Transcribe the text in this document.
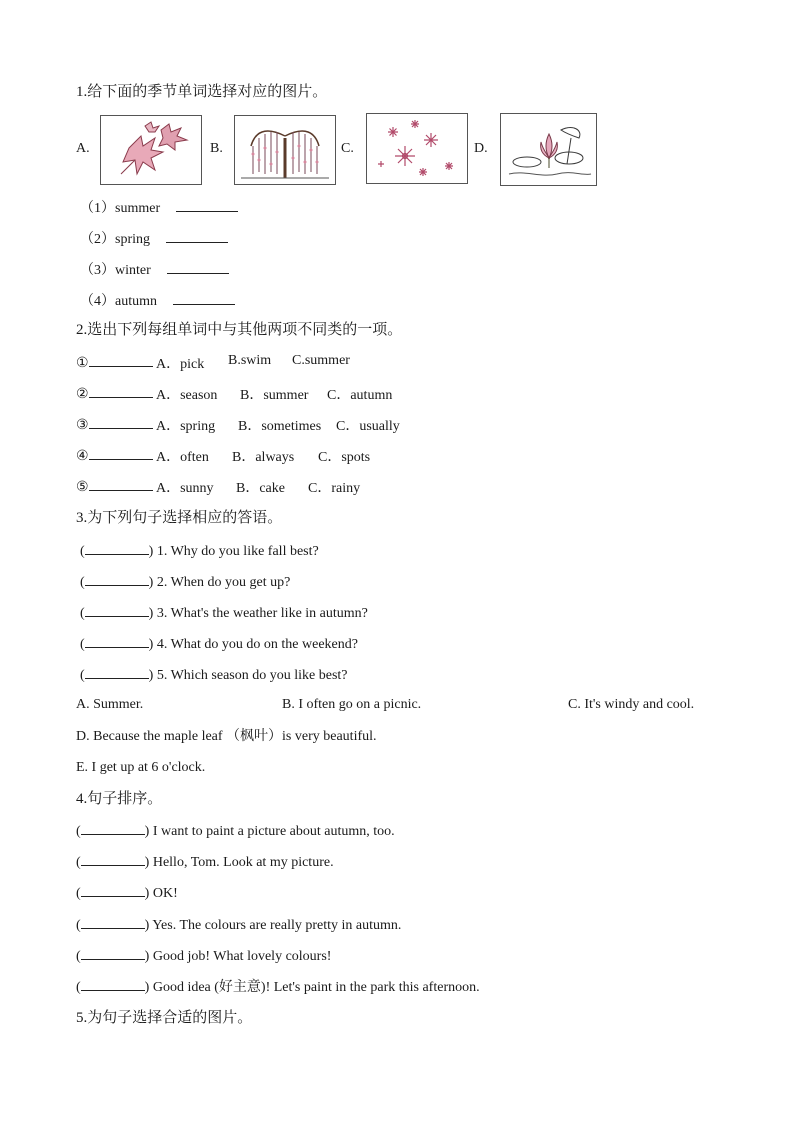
1.给下面的季节单词选择对应的图片。
A.	B.	C.	D.
（1）summer
（2）spring
（3）winter
（4）autumn
2.选出下列每组单词中与其他两项不同类的一项。
①	A．pick B.swim C.summer
②	A．season B．summer C．autumn
③	A．spring B．sometimes C．usually
④	A．often B．always C．spots
⑤	A．sunny B．cake C．rainy
3.为下列句子选择相应的答语。
(	) 1. Why do you like fall best?
(	) 2. When do you get up?
(	) 3. What's the weather like in autumn?
(	) 4. What do you do on the weekend?
(	) 5. Which season do you like best?
A. Summer.	B. I often go on a picnic.	C. It's windy and cool.
D. Because the maple leaf （枫叶）is very beautiful.
E. I get up at 6 o'clock.
4.句子排序。
(	) I want to paint a picture about autumn, too.
(	) Hello, Tom. Look at my picture.
(	) OK!
(	) Yes. The colours are really pretty in autumn.
(	) Good job! What lovely colours!
(	) Good idea (好主意)! Let's paint in the park this afternoon.
5.为句子选择合适的图片。
